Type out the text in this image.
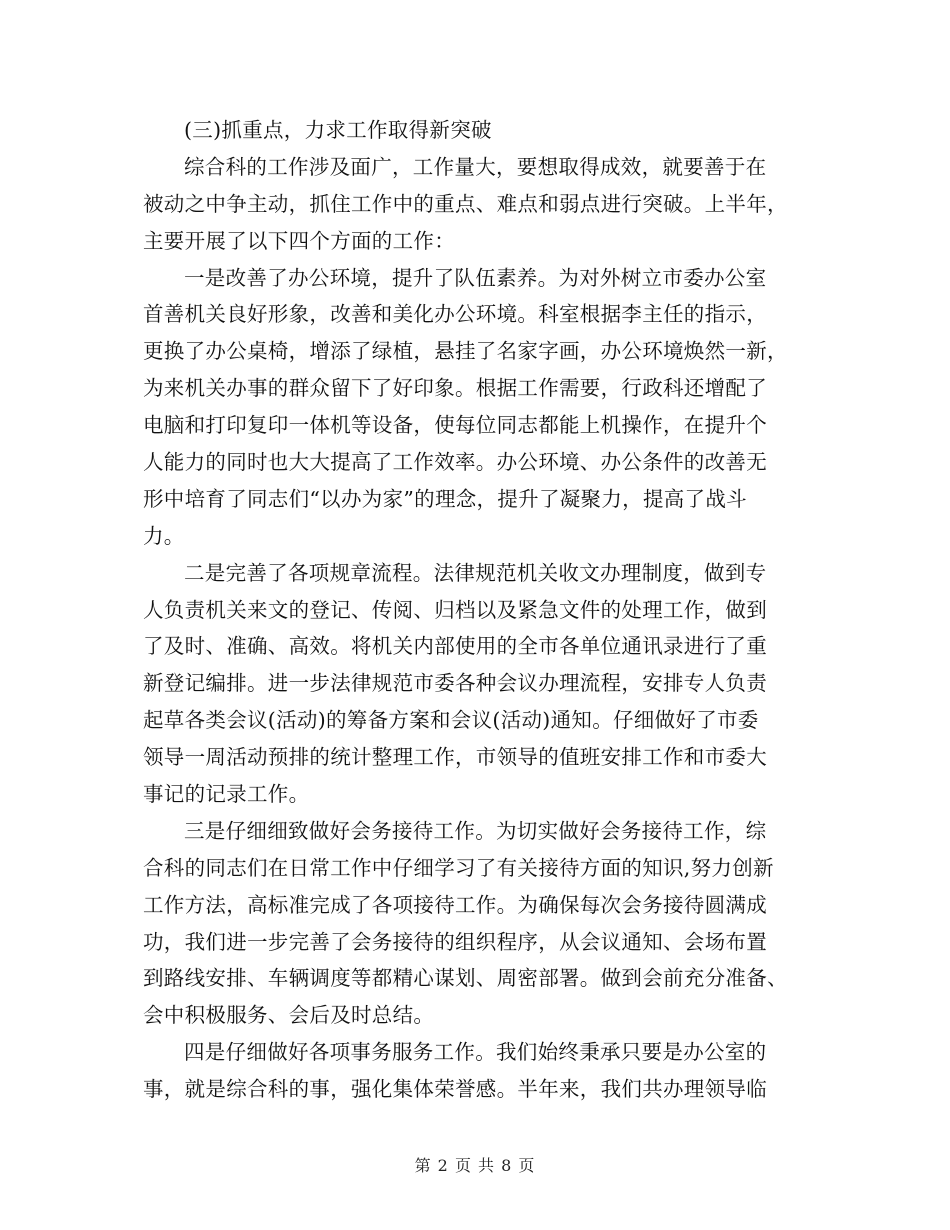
(三)抓重点，力求工作取得新突破
综合科的工作涉及面广，工作量大，要想取得成效，就要善于在
被动之中争主动，抓住工作中的重点、难点和弱点进行突破。上半年，
主要开展了以下四个方面的工作：
一是改善了办公环境，提升了队伍素养。为对外树立市委办公室
首善机关良好形象，改善和美化办公环境。科室根据李主任的指示，
更换了办公桌椅，增添了绿植，悬挂了名家字画，办公环境焕然一新，
为来机关办事的群众留下了好印象。根据工作需要，行政科还增配了
电脑和打印复印一体机等设备，使每位同志都能上机操作，在提升个
人能力的同时也大大提高了工作效率。办公环境、办公条件的改善无
形中培育了同志们“以办为家”的理念，提升了凝聚力，提高了战斗
力。
二是完善了各项规章流程。法律规范机关收文办理制度，做到专
人负责机关来文的登记、传阅、归档以及紧急文件的处理工作，做到
了及时、准确、高效。将机关内部使用的全市各单位通讯录进行了重
新登记编排。进一步法律规范市委各种会议办理流程，安排专人负责
起草各类会议(活动)的筹备方案和会议(活动)通知。仔细做好了市委
领导一周活动预排的统计整理工作，市领导的值班安排工作和市委大
事记的记录工作。
三是仔细细致做好会务接待工作。为切实做好会务接待工作，综
合科的同志们在日常工作中仔细学习了有关接待方面的知识,努力创新
工作方法，高标准完成了各项接待工作。为确保每次会务接待圆满成
功，我们进一步完善了会务接待的组织程序，从会议通知、会场布置
到路线安排、车辆调度等都精心谋划、周密部署。做到会前充分准备、
会中积极服务、会后及时总结。
四是仔细做好各项事务服务工作。我们始终秉承只要是办公室的
事，就是综合科的事，强化集体荣誉感。半年来，我们共办理领导临
第 2 页 共 8 页
